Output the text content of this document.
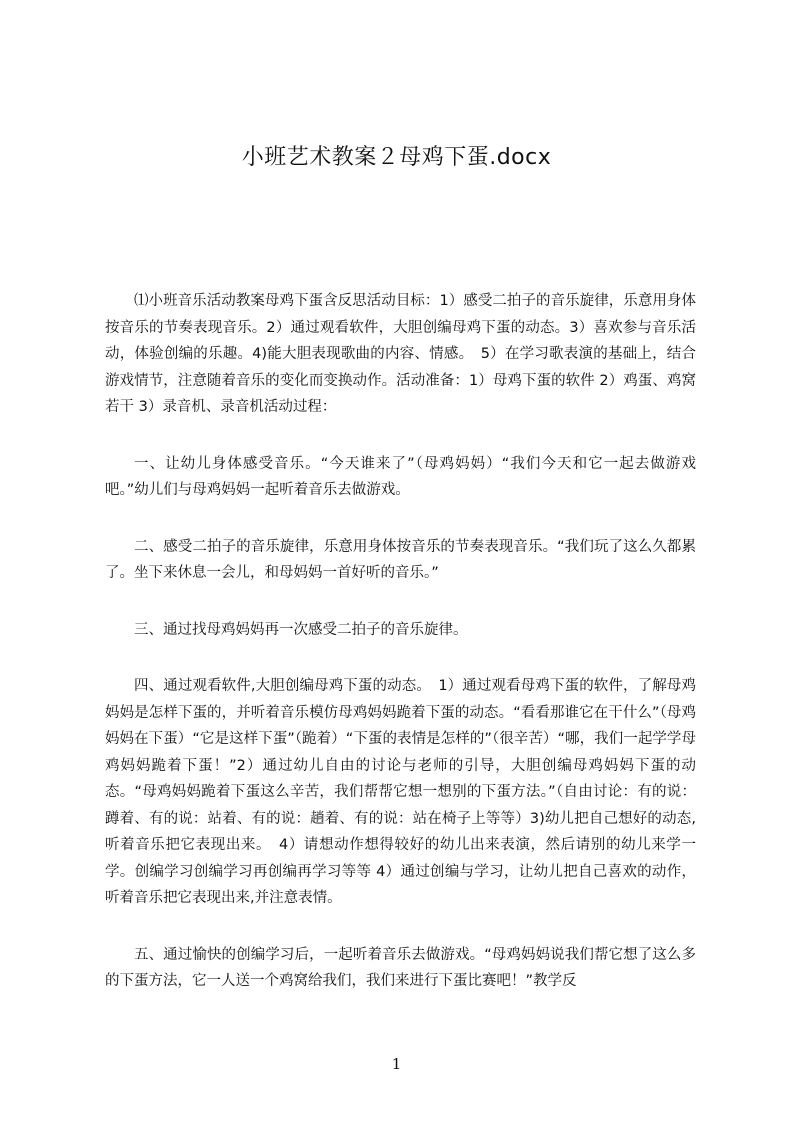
小班艺术教案２母鸡下蛋.docx

⑴小班音乐活动教案母鸡下蛋含反思活动目标：1）感受二拍子的音乐旋律，乐意用身体按音乐的节奏表现音乐。2）通过观看软件，大胆创编母鸡下蛋的动态。3）喜欢参与音乐活动，体验创编的乐趣。4)能大胆表现歌曲的内容、情感。　5）在学习歌表演的基础上，结合游戏情节，注意随着音乐的变化而变换动作。活动准备：1）母鸡下蛋的软件 2）鸡蛋、鸡窝若干 3）录音机、录音机活动过程：

一、让幼儿身体感受音乐。“今天谁来了”（母鸡妈妈）“我们今天和它一起去做游戏吧。”幼儿们与母鸡妈妈一起听着音乐去做游戏。

二、感受二拍子的音乐旋律，乐意用身体按音乐的节奏表现音乐。“我们玩了这么久都累了。坐下来休息一会儿，和母妈妈一首好听的音乐。”

三、通过找母鸡妈妈再一次感受二拍子的音乐旋律。

四、通过观看软件,大胆创编母鸡下蛋的动态。　1）通过观看母鸡下蛋的软件，了解母鸡妈妈是怎样下蛋的，并听着音乐模仿母鸡妈妈跪着下蛋的动态。“看看那谁它在干什么”（母鸡妈妈在下蛋）“它是这样下蛋”（跪着）“下蛋的表情是怎样的”（很辛苦）“哪，我们一起学学母鸡妈妈跪着下蛋！”2）通过幼儿自由的讨论与老师的引导，大胆创编母鸡妈妈下蛋的动态。“母鸡妈妈跪着下蛋这么辛苦，我们帮帮它想一想别的下蛋方法。”（自由讨论：有的说：蹲着、有的说：站着、有的说：趟着、有的说：站在椅子上等等）3)幼儿把自己想好的动态,听着音乐把它表现出来。　4）请想动作想得较好的幼儿出来表演，然后请别的幼儿来学一学。创编学习创编学习再创编再学习等等 4）通过创编与学习，让幼儿把自己喜欢的动作，听着音乐把它表现出来,并注意表情。

五、通过愉快的创编学习后，一起听着音乐去做游戏。“母鸡妈妈说我们帮它想了这么多的下蛋方法，它一人送一个鸡窝给我们，我们来进行下蛋比赛吧！”教学反

1
